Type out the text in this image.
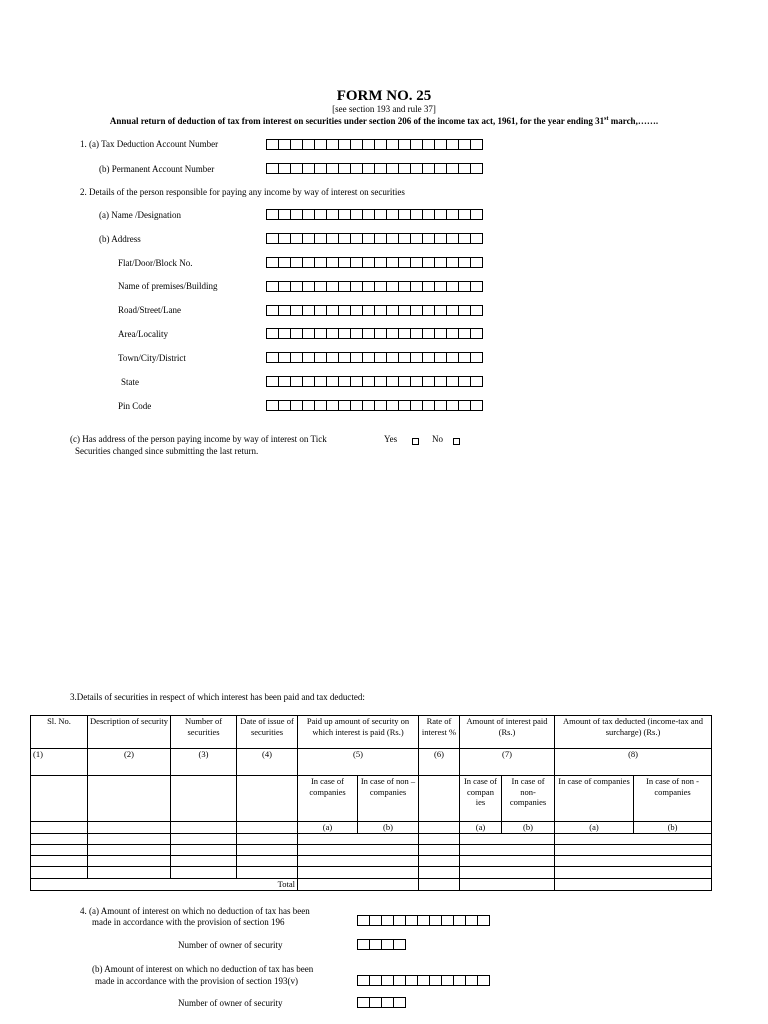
FORM NO. 25
[see section 193 and rule 37]
Annual return of deduction of tax from interest on securities under section 206 of the income tax act, 1961, for the year ending 31st march,…….
1. (a) Tax Deduction Account Number
(b) Permanent Account Number
2. Details of the person responsible for paying any income by way of interest on securities
(a) Name /Designation
(b) Address
Flat/Door/Block No.
Name of premises/Building
Road/Street/Lane
Area/Locality
Town/City/District
State
Pin Code
(c) Has address of the person paying income by way of interest on Tick
Securities changed since submitting the last return.
Yes	No
3.Details of securities in respect of which interest has been paid and tax deducted:
Sl. No.	Description of security	Number of securities	Date of issue of securities	Paid up amount of security on which interest is paid (Rs.)		Rate of interest %	Amount of interest paid (Rs.)		Amount of tax deducted (income-tax and surcharge) (Rs.)	
(1)	(2)	(3)	(4)	(5)		(6)	(7)		(8)	
				In case of companies	In case of non – companies		In case of compan ies	In case of non- companies	In case of companies	In case of non - companies
				(a)	(b)		(a)	(b)	(a)	(b)

Total										
4. (a) Amount of interest on which no deduction of tax has been
made in accordance with the provision of section 196
Number of owner of security
(b) Amount of interest on which no deduction of tax has been
made in accordance with the provision of section 193(v)
Number of owner of security
